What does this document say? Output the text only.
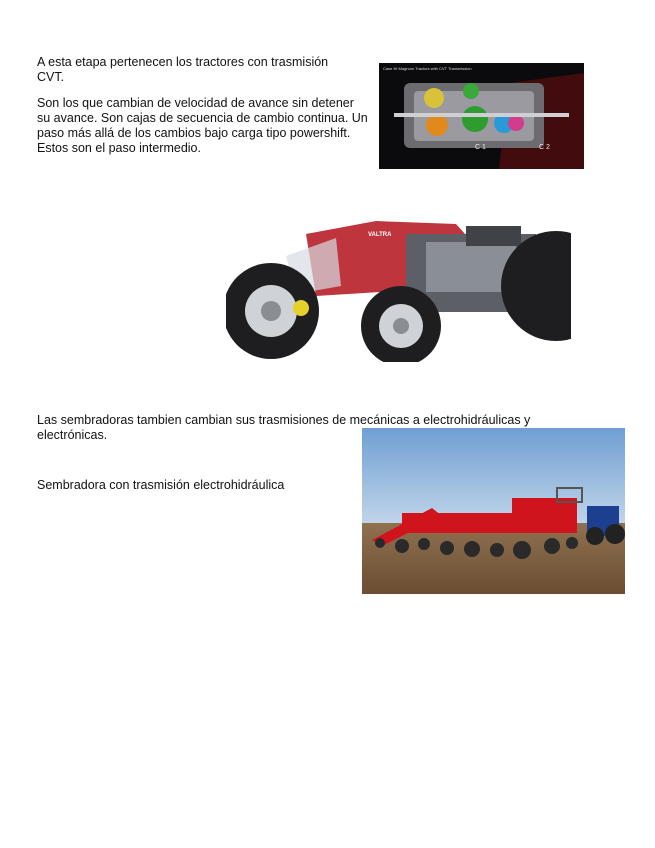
A esta etapa pertenecen los tractores con trasmisión CVT.

Son los que cambian de velocidad de avance sin detener su avance. Son cajas de secuencia de cambio continua. Un paso más allá de los cambios bajo carga tipo powershift. Estos son el paso intermedio.

Case IH Magnum Tractors with CVT Transmission
C 1	C 2
VALTRA

Las sembradoras tambien cambian sus trasmisiones de mecánicas a electrohidráulicas y electrónicas.

Sembradora con trasmisión electrohidráulica
